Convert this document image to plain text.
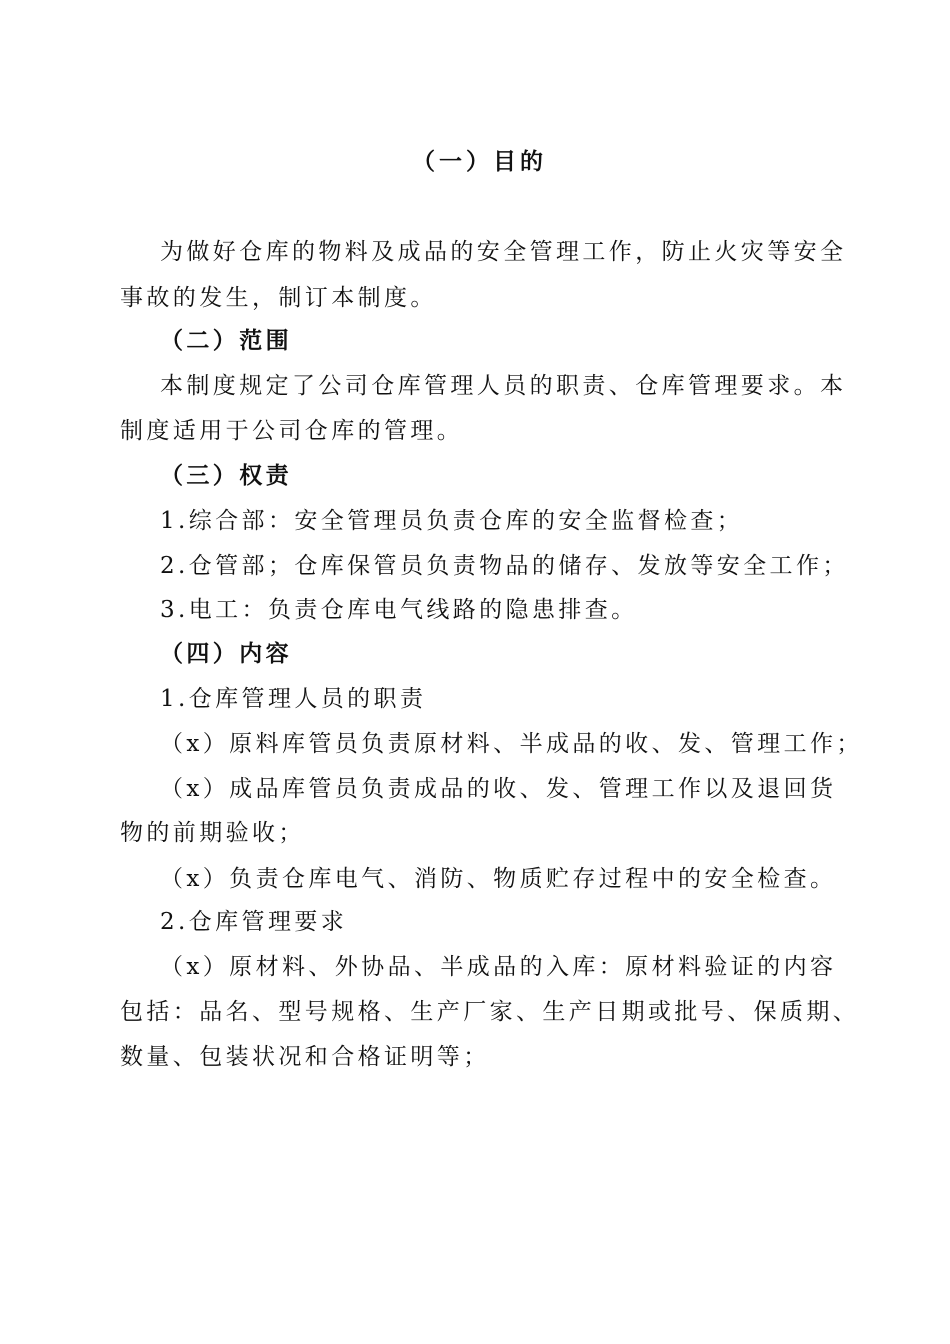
（一）目的
为做好仓库的物料及成品的安全管理工作，防止火灾等安全
事故的发生，制订本制度。
（二）范围
本制度规定了公司仓库管理人员的职责、仓库管理要求。本
制度适用于公司仓库的管理。
（三）权责
1.综合部：安全管理员负责仓库的安全监督检查；
2.仓管部；仓库保管员负责物品的储存、发放等安全工作；
3.电工：负责仓库电气线路的隐患排查。
（四）内容
1.仓库管理人员的职责
（x）原料库管员负责原材料、半成品的收、发、管理工作；
（x）成品库管员负责成品的收、发、管理工作以及退回货
物的前期验收；
（x）负责仓库电气、消防、物质贮存过程中的安全检查。
2.仓库管理要求
（x）原材料、外协品、半成品的入库：原材料验证的内容
包括：品名、型号规格、生产厂家、生产日期或批号、保质期、
数量、包装状况和合格证明等；
